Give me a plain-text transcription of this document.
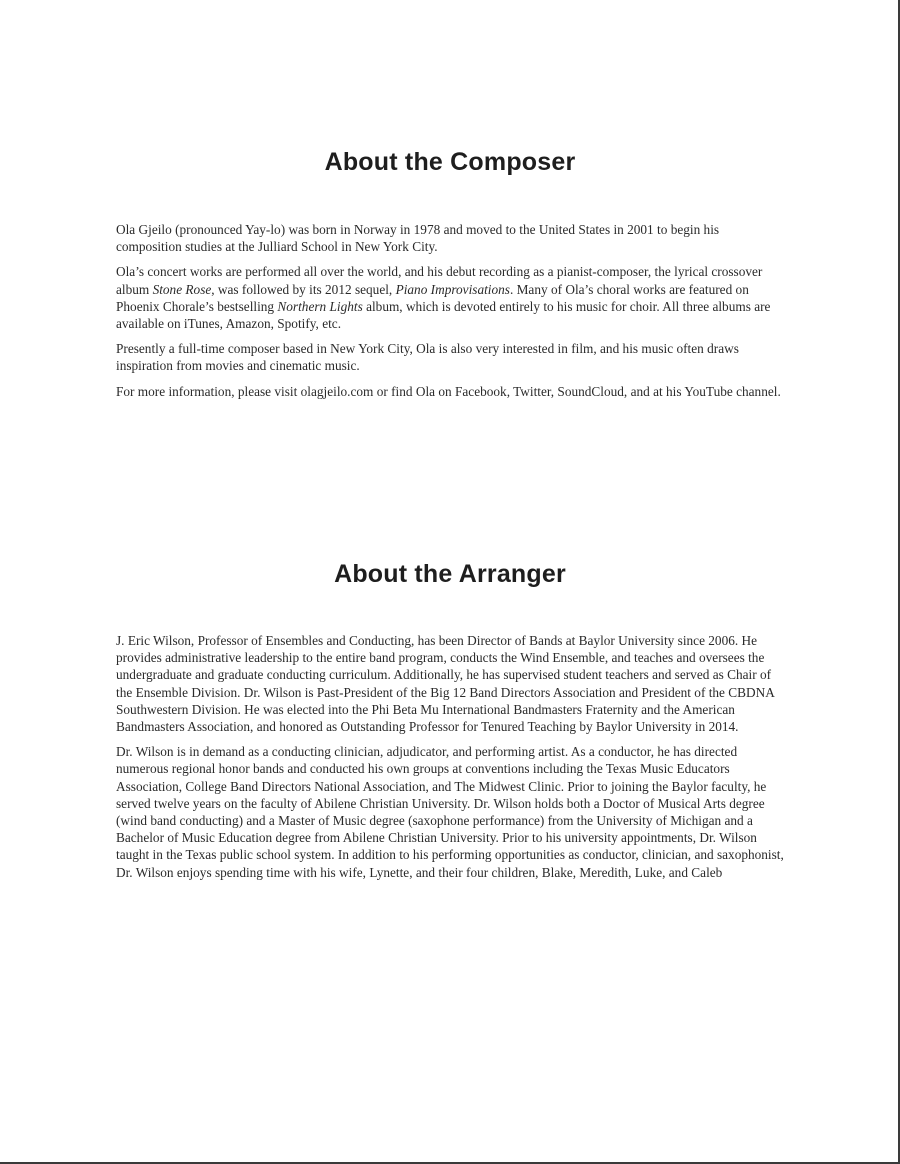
About the Composer

Ola Gjeilo (pronounced Yay-lo) was born in Norway in 1978 and moved to the United States in 2001 to begin his composition studies at the Julliard School in New York City.

Ola’s concert works are performed all over the world, and his debut recording as a pianist-composer, the lyrical crossover album Stone Rose, was followed by its 2012 sequel, Piano Improvisations. Many of Ola’s choral works are featured on Phoenix Chorale’s bestselling Northern Lights album, which is devoted entirely to his music for choir. All three albums are available on iTunes, Amazon, Spotify, etc.

Presently a full-time composer based in New York City, Ola is also very interested in film, and his music often draws inspiration from movies and cinematic music.

For more information, please visit olagjeilo.com or find Ola on Facebook, Twitter, SoundCloud, and at his YouTube channel.

About the Arranger

J. Eric Wilson, Professor of Ensembles and Conducting, has been Director of Bands at Baylor University since 2006. He provides administrative leadership to the entire band program, conducts the Wind Ensemble, and teaches and oversees the undergraduate and graduate conducting curriculum. Additionally, he has supervised student teachers and served as Chair of the Ensemble Division. Dr. Wilson is Past-President of the Big 12 Band Directors Association and President of the CBDNA Southwestern Division. He was elected into the Phi Beta Mu International Bandmasters Fraternity and the American Bandmasters Association, and honored as Outstanding Professor for Tenured Teaching by Baylor University in 2014.

Dr. Wilson is in demand as a conducting clinician, adjudicator, and performing artist. As a conductor, he has directed numerous regional honor bands and conducted his own groups at conventions including the Texas Music Educators Association, College Band Directors National Association, and The Midwest Clinic. Prior to joining the Baylor faculty, he served twelve years on the faculty of Abilene Christian University. Dr. Wilson holds both a Doctor of Musical Arts degree (wind band conducting) and a Master of Music degree (saxophone performance) from the University of Michigan and a Bachelor of Music Education degree from Abilene Christian University. Prior to his university appointments, Dr. Wilson taught in the Texas public school system. In addition to his performing opportunities as conductor, clinician, and saxophonist, Dr. Wilson enjoys spending time with his wife, Lynette, and their four children, Blake, Meredith, Luke, and Caleb
